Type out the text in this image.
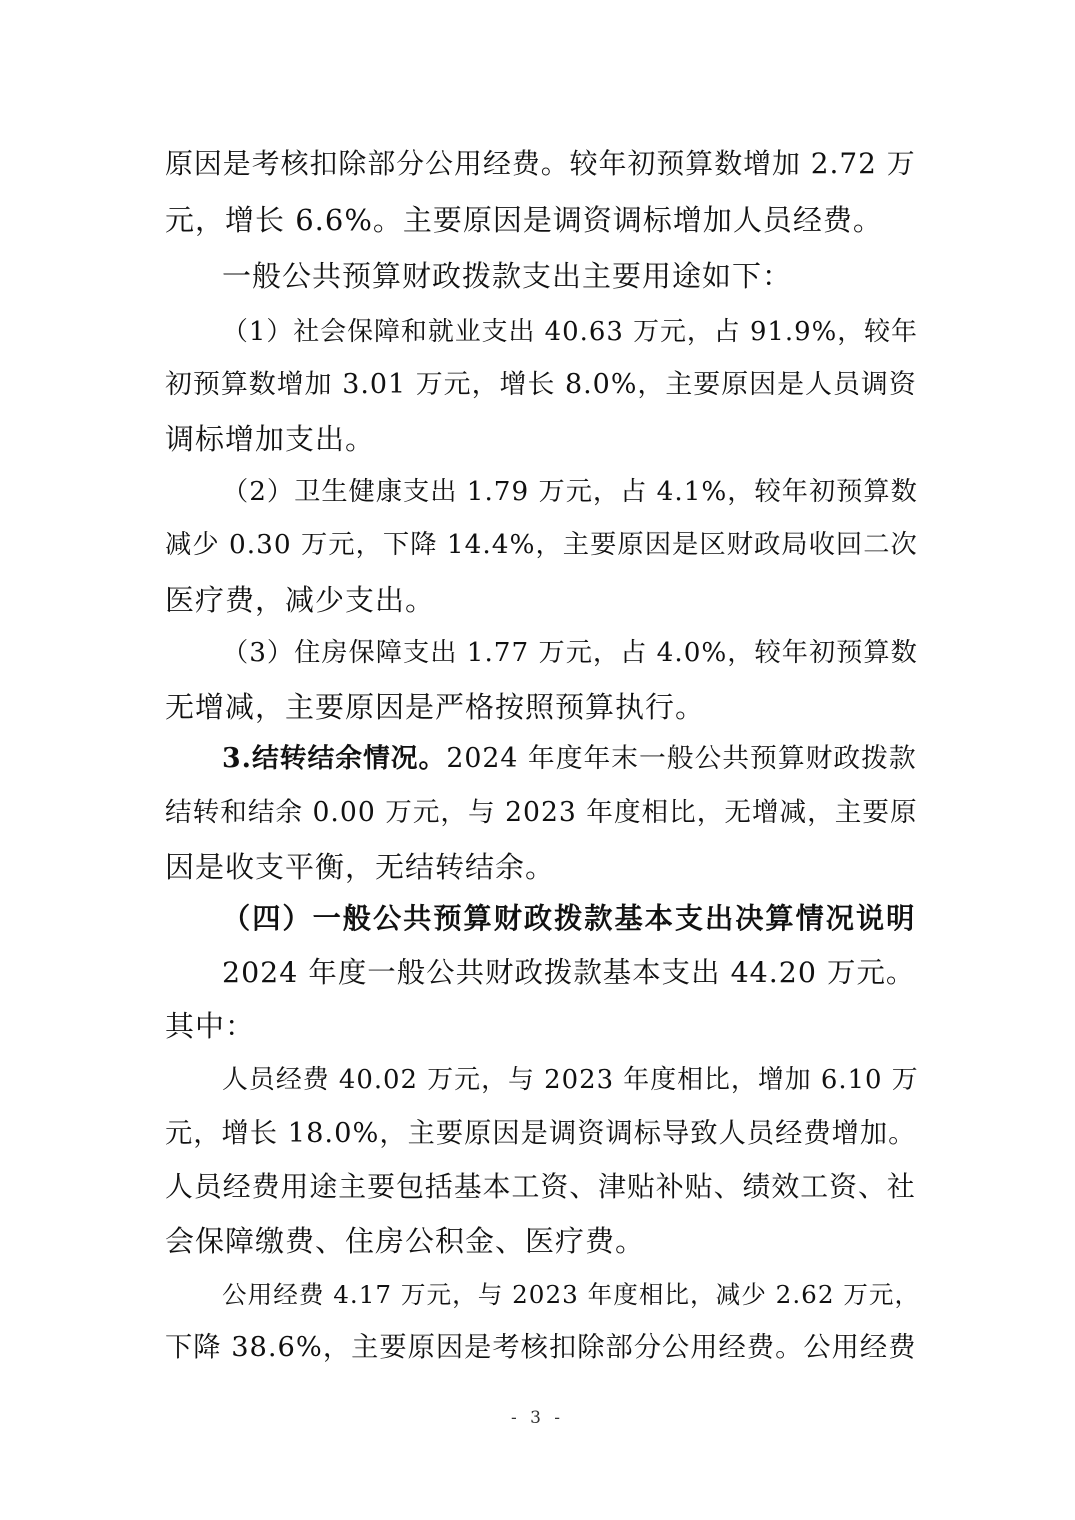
原因是考核扣除部分公用经费。较年初预算数增加 2.72 万
元，增长 6.6%。主要原因是调资调标增加人员经费。
一般公共预算财政拨款支出主要用途如下：
（1）社会保障和就业支出 40.63 万元，占 91.9%，较年
初预算数增加 3.01 万元，增长 8.0%，主要原因是人员调资
调标增加支出。
（2）卫生健康支出 1.79 万元，占 4.1%，较年初预算数
减少 0.30 万元，下降 14.4%，主要原因是区财政局收回二次
医疗费，减少支出。
（3）住房保障支出 1.77 万元，占 4.0%，较年初预算数
无增减，主要原因是严格按照预算执行。
3.结转结余情况。2024 年度年末一般公共预算财政拨款
结转和结余 0.00 万元，与 2023 年度相比，无增减，主要原
因是收支平衡，无结转结余。
（四）一般公共预算财政拨款基本支出决算情况说明
2024 年度一般公共财政拨款基本支出 44.20 万元。
其中：
人员经费 40.02 万元，与 2023 年度相比，增加 6.10 万
元，增长 18.0%，主要原因是调资调标导致人员经费增加。
人员经费用途主要包括基本工资、津贴补贴、绩效工资、社
会保障缴费、住房公积金、医疗费。
公用经费 4.17 万元，与 2023 年度相比，减少 2.62 万元，
下降 38.6%，主要原因是考核扣除部分公用经费。公用经费
- 3 -
